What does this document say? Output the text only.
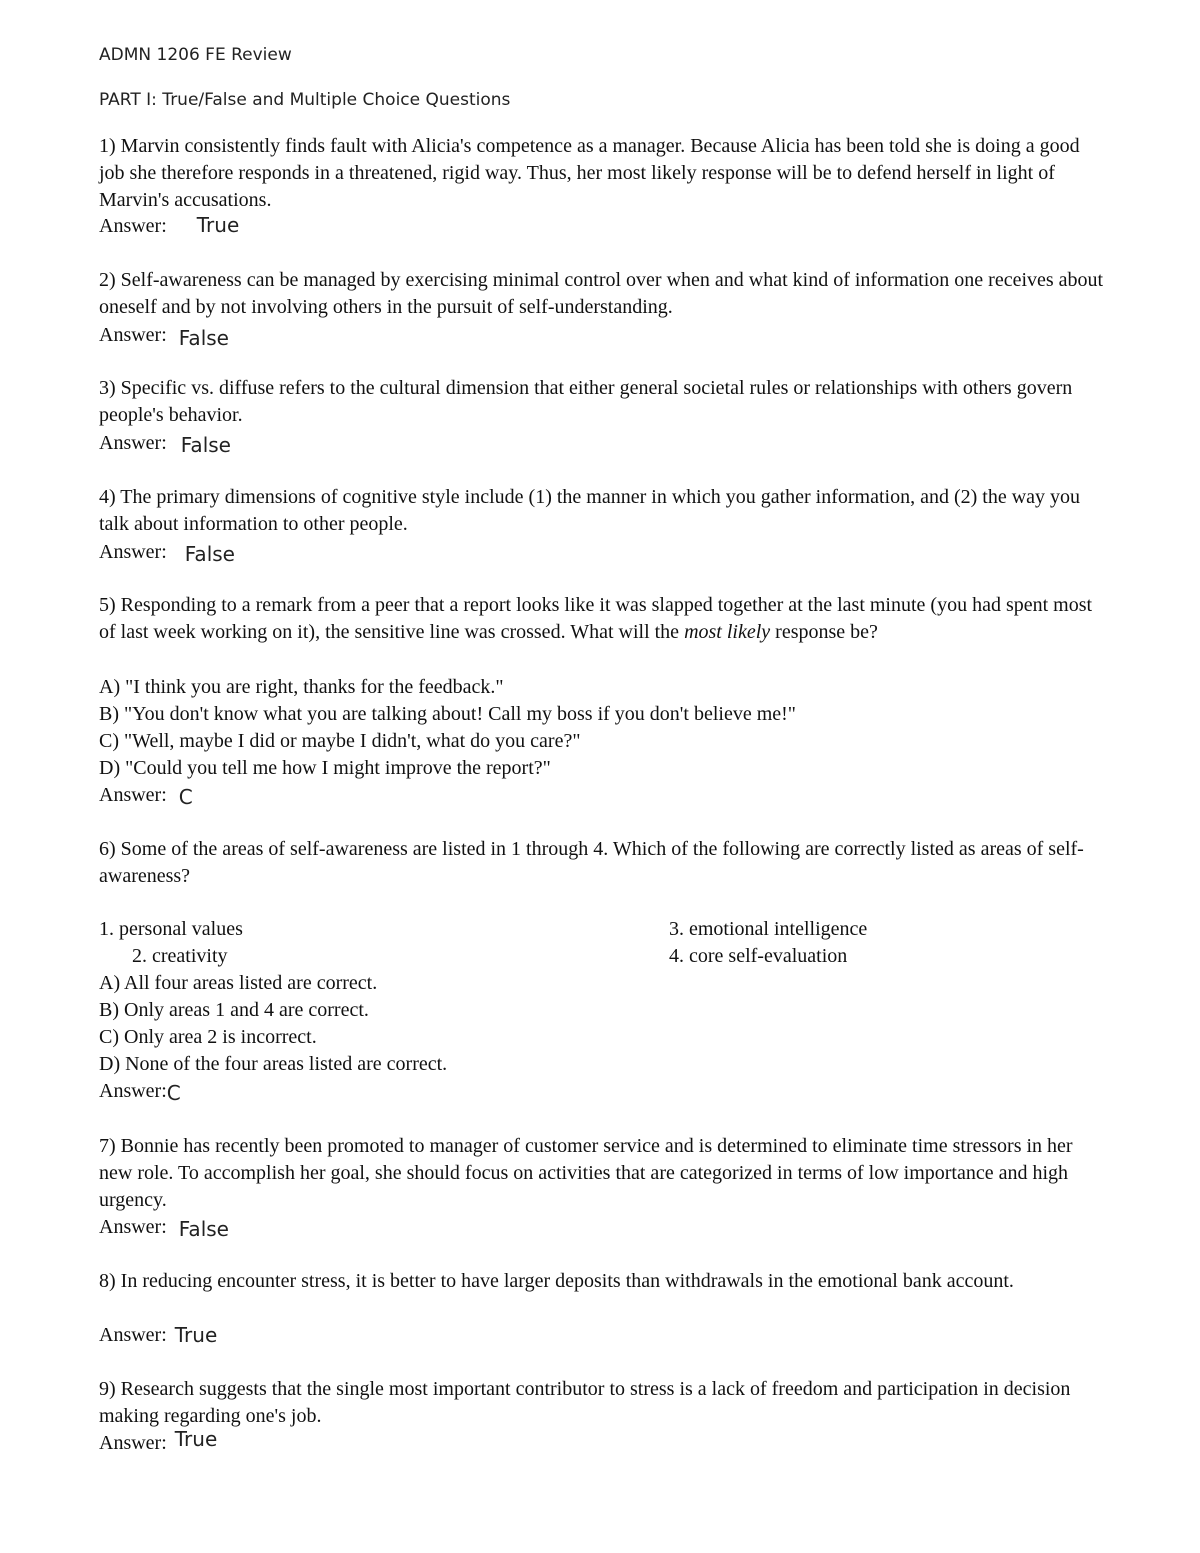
ADMN 1206 FE Review
PART I: True/False and Multiple Choice Questions

1) Marvin consistently finds fault with Alicia's competence as a manager. Because Alicia has been told she is doing a good job she therefore responds in a threatened, rigid way. Thus, her most likely response will be to defend herself in light of Marvin's accusations.

Answer: True

2) Self-awareness can be managed by exercising minimal control over when and what kind of information one receives about oneself and by not involving others in the pursuit of self-understanding.

Answer: False

3) Specific vs. diffuse refers to the cultural dimension that either general societal rules or relationships with others govern people's behavior.

Answer: False

4) The primary dimensions of cognitive style include (1) the manner in which you gather information, and (2) the way you talk about information to other people.

Answer: False

5) Responding to a remark from a peer that a report looks like it was slapped together at the last minute (you had spent most of last week working on it), the sensitive line was crossed. What will the most likely response be?

A) "I think you are right, thanks for the feedback."
B) "You don't know what you are talking about! Call my boss if you don't believe me!"
C) "Well, maybe I did or maybe I didn't, what do you care?"
D) "Could you tell me how I might improve the report?"
Answer: C

6) Some of the areas of self-awareness are listed in 1 through 4. Which of the following are correctly listed as areas of self-awareness?

1. personal values
2. creativity
3. emotional intelligence
4. core self-evaluation
A) All four areas listed are correct.
B) Only areas 1 and 4 are correct.
C) Only area 2 is incorrect.
D) None of the four areas listed are correct.
Answer:C

7) Bonnie has recently been promoted to manager of customer service and is determined to eliminate time stressors in her new role. To accomplish her goal, she should focus on activities that are categorized in terms of low importance and high urgency.

Answer: False

8) In reducing encounter stress, it is better to have larger deposits than withdrawals in the emotional bank account.

Answer: True

9) Research suggests that the single most important contributor to stress is a lack of freedom and participation in decision making regarding one's job.

Answer: True
